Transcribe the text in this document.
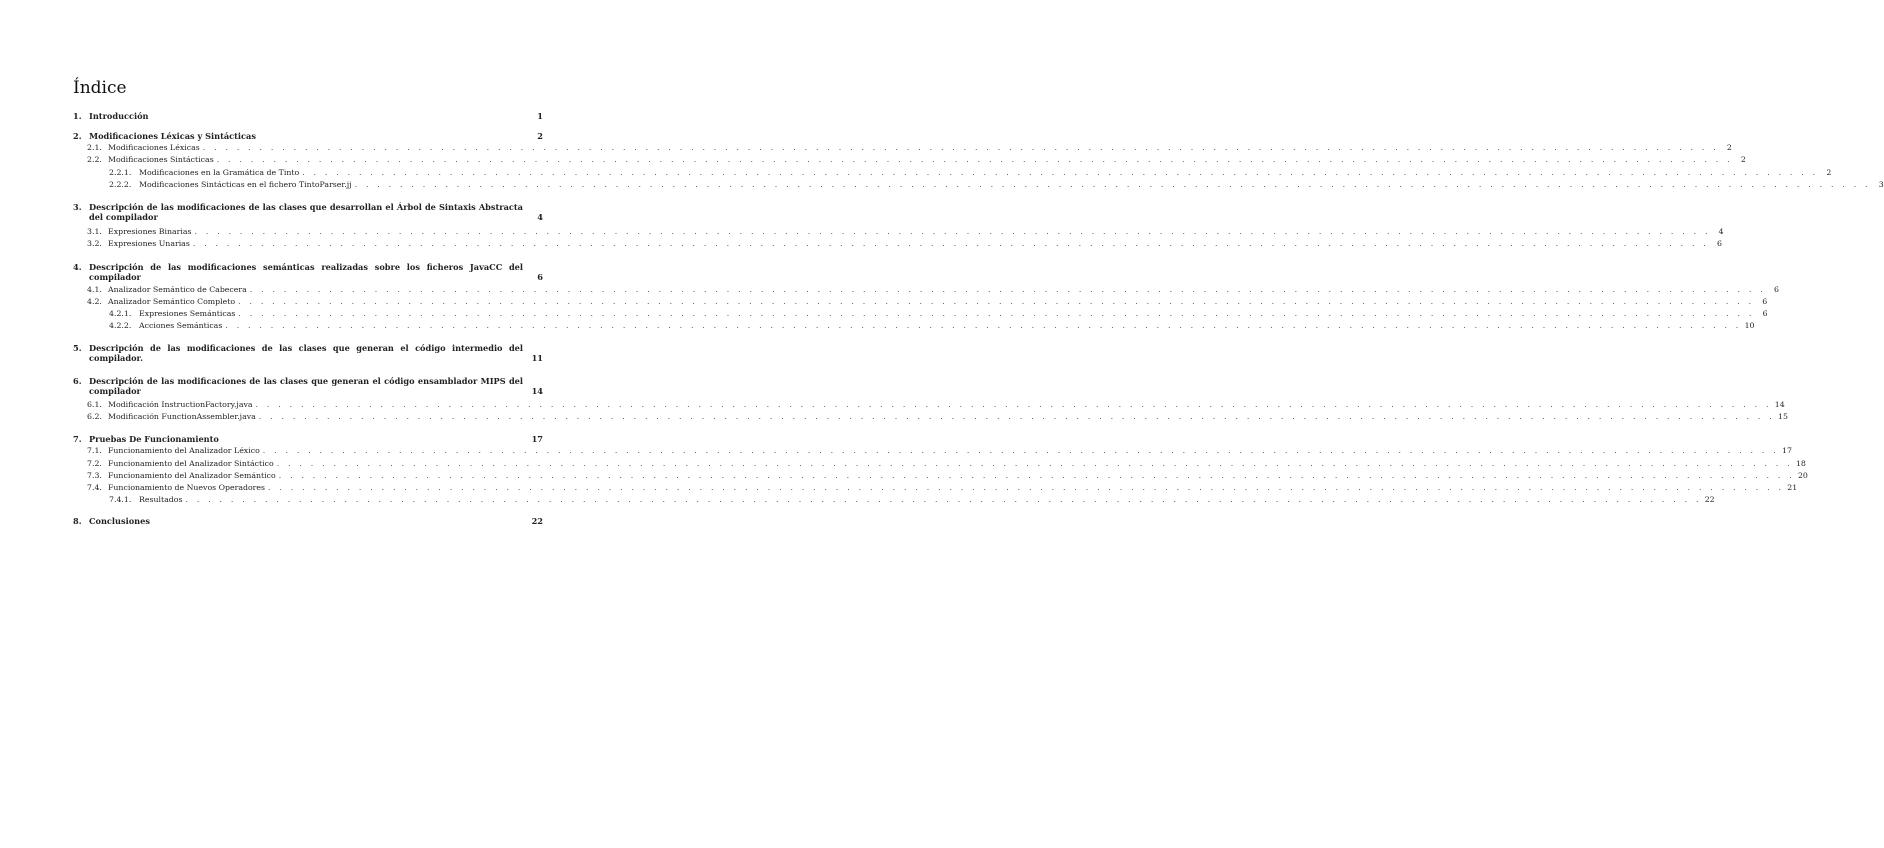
Índice
1. Introducción	1
2. Modificaciones Léxicas y Sintácticas	2
2.1. Modificaciones Léxicas . . .	2
2.2. Modificaciones Sintácticas . . .	2
2.2.1. Modificaciones en la Gramática de Tinto . . .	2
2.2.2. Modificaciones Sintácticas en el fichero TintoParser.jj . . .	3
3. Descripción de las modificaciones de las clases que desarrollan el Árbol de Sintaxis Abstracta del compilador	4
3.1. Expresiones Binarias . . .	4
3.2. Expresiones Unarias . . .	6
4. Descripción de las modificaciones semánticas realizadas sobre los ficheros JavaCC del compilador	6
4.1. Analizador Semántico de Cabecera . . .	6
4.2. Analizador Semántico Completo . . .	6
4.2.1. Expresiones Semánticas . . .	6
4.2.2. Acciones Semánticas . . .	10
5. Descripción de las modificaciones de las clases que generan el código intermedio del compilador.	11
6. Descripción de las modificaciones de las clases que generan el código ensamblador MIPS del compilador	14
6.1. Modificación InstructionFactory.java . . .	14
6.2. Modificación FunctionAssembler.java . . .	15
7. Pruebas De Funcionamiento	17
7.1. Funcionamiento del Analizador Léxico . . .	17
7.2. Funcionamiento del Analizador Sintáctico . . .	18
7.3. Funcionamiento del Analizador Semántico . . .	20
7.4. Funcionamiento de Nuevos Operadores . . .	21
7.4.1. Resultados . . .	22
8. Conclusiones	22
